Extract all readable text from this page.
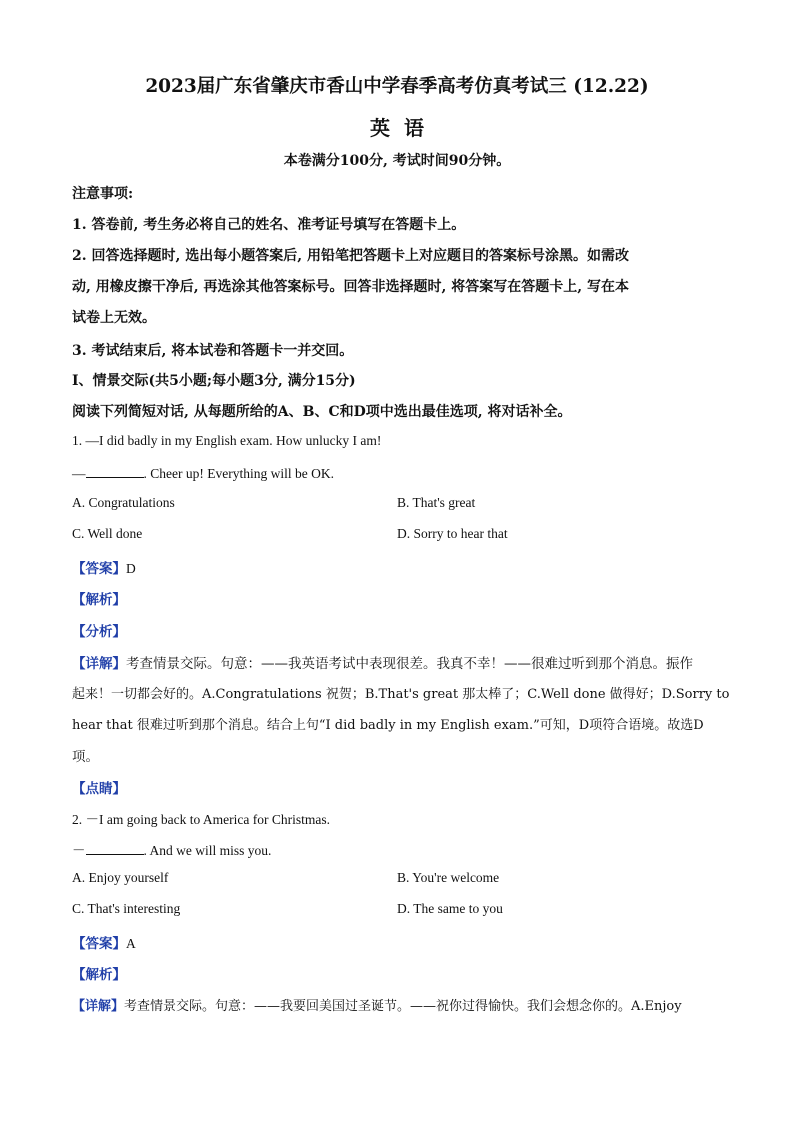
2023届广东省肇庆市香山中学春季高考仿真考试三 (12.22)
英语
本卷满分100分, 考试时间90分钟。
注意事项:
1. 答卷前, 考生务必将自己的姓名、准考证号填写在答题卡上。
2. 回答选择题时, 选出每小题答案后, 用铅笔把答题卡上对应题目的答案标号涂黑。如需改
动, 用橡皮擦干净后, 再选涂其他答案标号。回答非选择题时, 将答案写在答题卡上, 写在本
试卷上无效。
3. 考试结束后, 将本试卷和答题卡一并交回。
I、情景交际(共5小题;每小题3分, 满分15分)
阅读下列简短对话, 从每题所给的A、B、C和D项中选出最佳选项, 将对话补全。
1. —I did badly in my English exam. How unlucky I am!
—	. Cheer up! Everything will be OK.
A. Congratulations	B. That's great
C. Well done	D. Sorry to hear that
【答案】D
【解析】
【分析】
【详解】考查情景交际。句意：——我英语考试中表现很差。我真不幸！——很难过听到那个消息。振作
起来！一切都会好的。A.Congratulations 祝贺；B.That's great 那太棒了；C.Well done 做得好；D.Sorry to
hear that 很难过听到那个消息。结合上句“I did badly in my English exam.”可知，D项符合语境。故选D
项。
【点睛】
2. －I am going back to America for Christmas.
－	. And we will miss you.
A. Enjoy yourself	B. You're welcome
C. That's interesting	D. The same to you
【答案】A
【解析】
【详解】考查情景交际。句意：——我要回美国过圣诞节。——祝你过得愉快。我们会想念你的。A.Enjoy
